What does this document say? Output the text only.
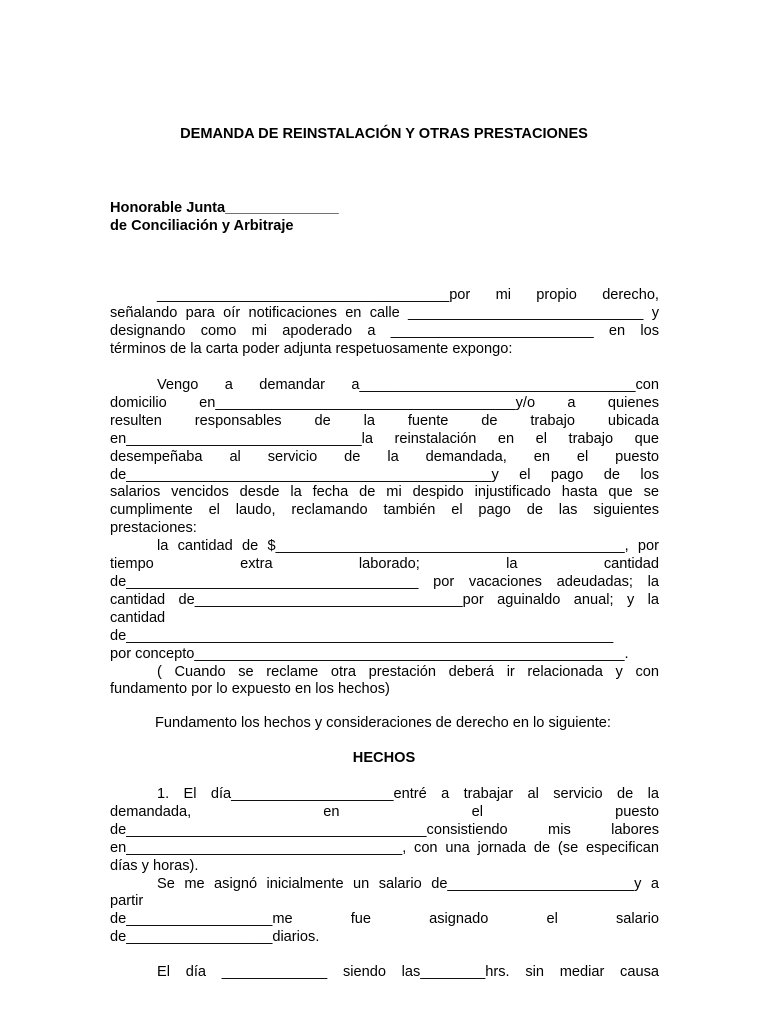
DEMANDA DE REINSTALACIÓN Y OTRAS PRESTACIONES
Honorable Junta______________
de Conciliación y Arbitraje
____________________________________por mi propio derecho,
señalando para oír notificaciones en calle _____________________________ y
designando como mi apoderado a _________________________ en los
términos de la carta poder adjunta respetuosamente expongo:
Vengo a demandar a__________________________________con
domicilio en_____________________________________y/o a quienes
resulten responsables de la fuente de trabajo ubicada
en_____________________________la reinstalación en el trabajo que
desempeñaba al servicio de la demandada, en el puesto
de_____________________________________________y el pago de los
salarios vencidos desde la fecha de mi despido injustificado hasta que se
cumplimente el laudo, reclamando también el pago de las siguientes
prestaciones:
la cantidad de $___________________________________________, por
tiempo extra laborado; la cantidad
de____________________________________ por vacaciones adeudadas; la
cantidad de_________________________________por aguinaldo anual; y la
cantidad de____________________________________________________________
por concepto_____________________________________________________.
( Cuando se reclame otra prestación deberá ir relacionada y con
fundamento por lo expuesto en los hechos)
Fundamento los hechos y consideraciones de derecho en lo siguiente:
HECHOS
1. El día____________________entré a trabajar al servicio de la
demandada, en el puesto
de_____________________________________consistiendo mis labores
en__________________________________, con una jornada de (se especifican
días y horas).
Se me asignó inicialmente un salario de_______________________y a
partir
de__________________me fue asignado el salario
de__________________diarios.
El día _____________ siendo las________hrs. sin mediar causa
